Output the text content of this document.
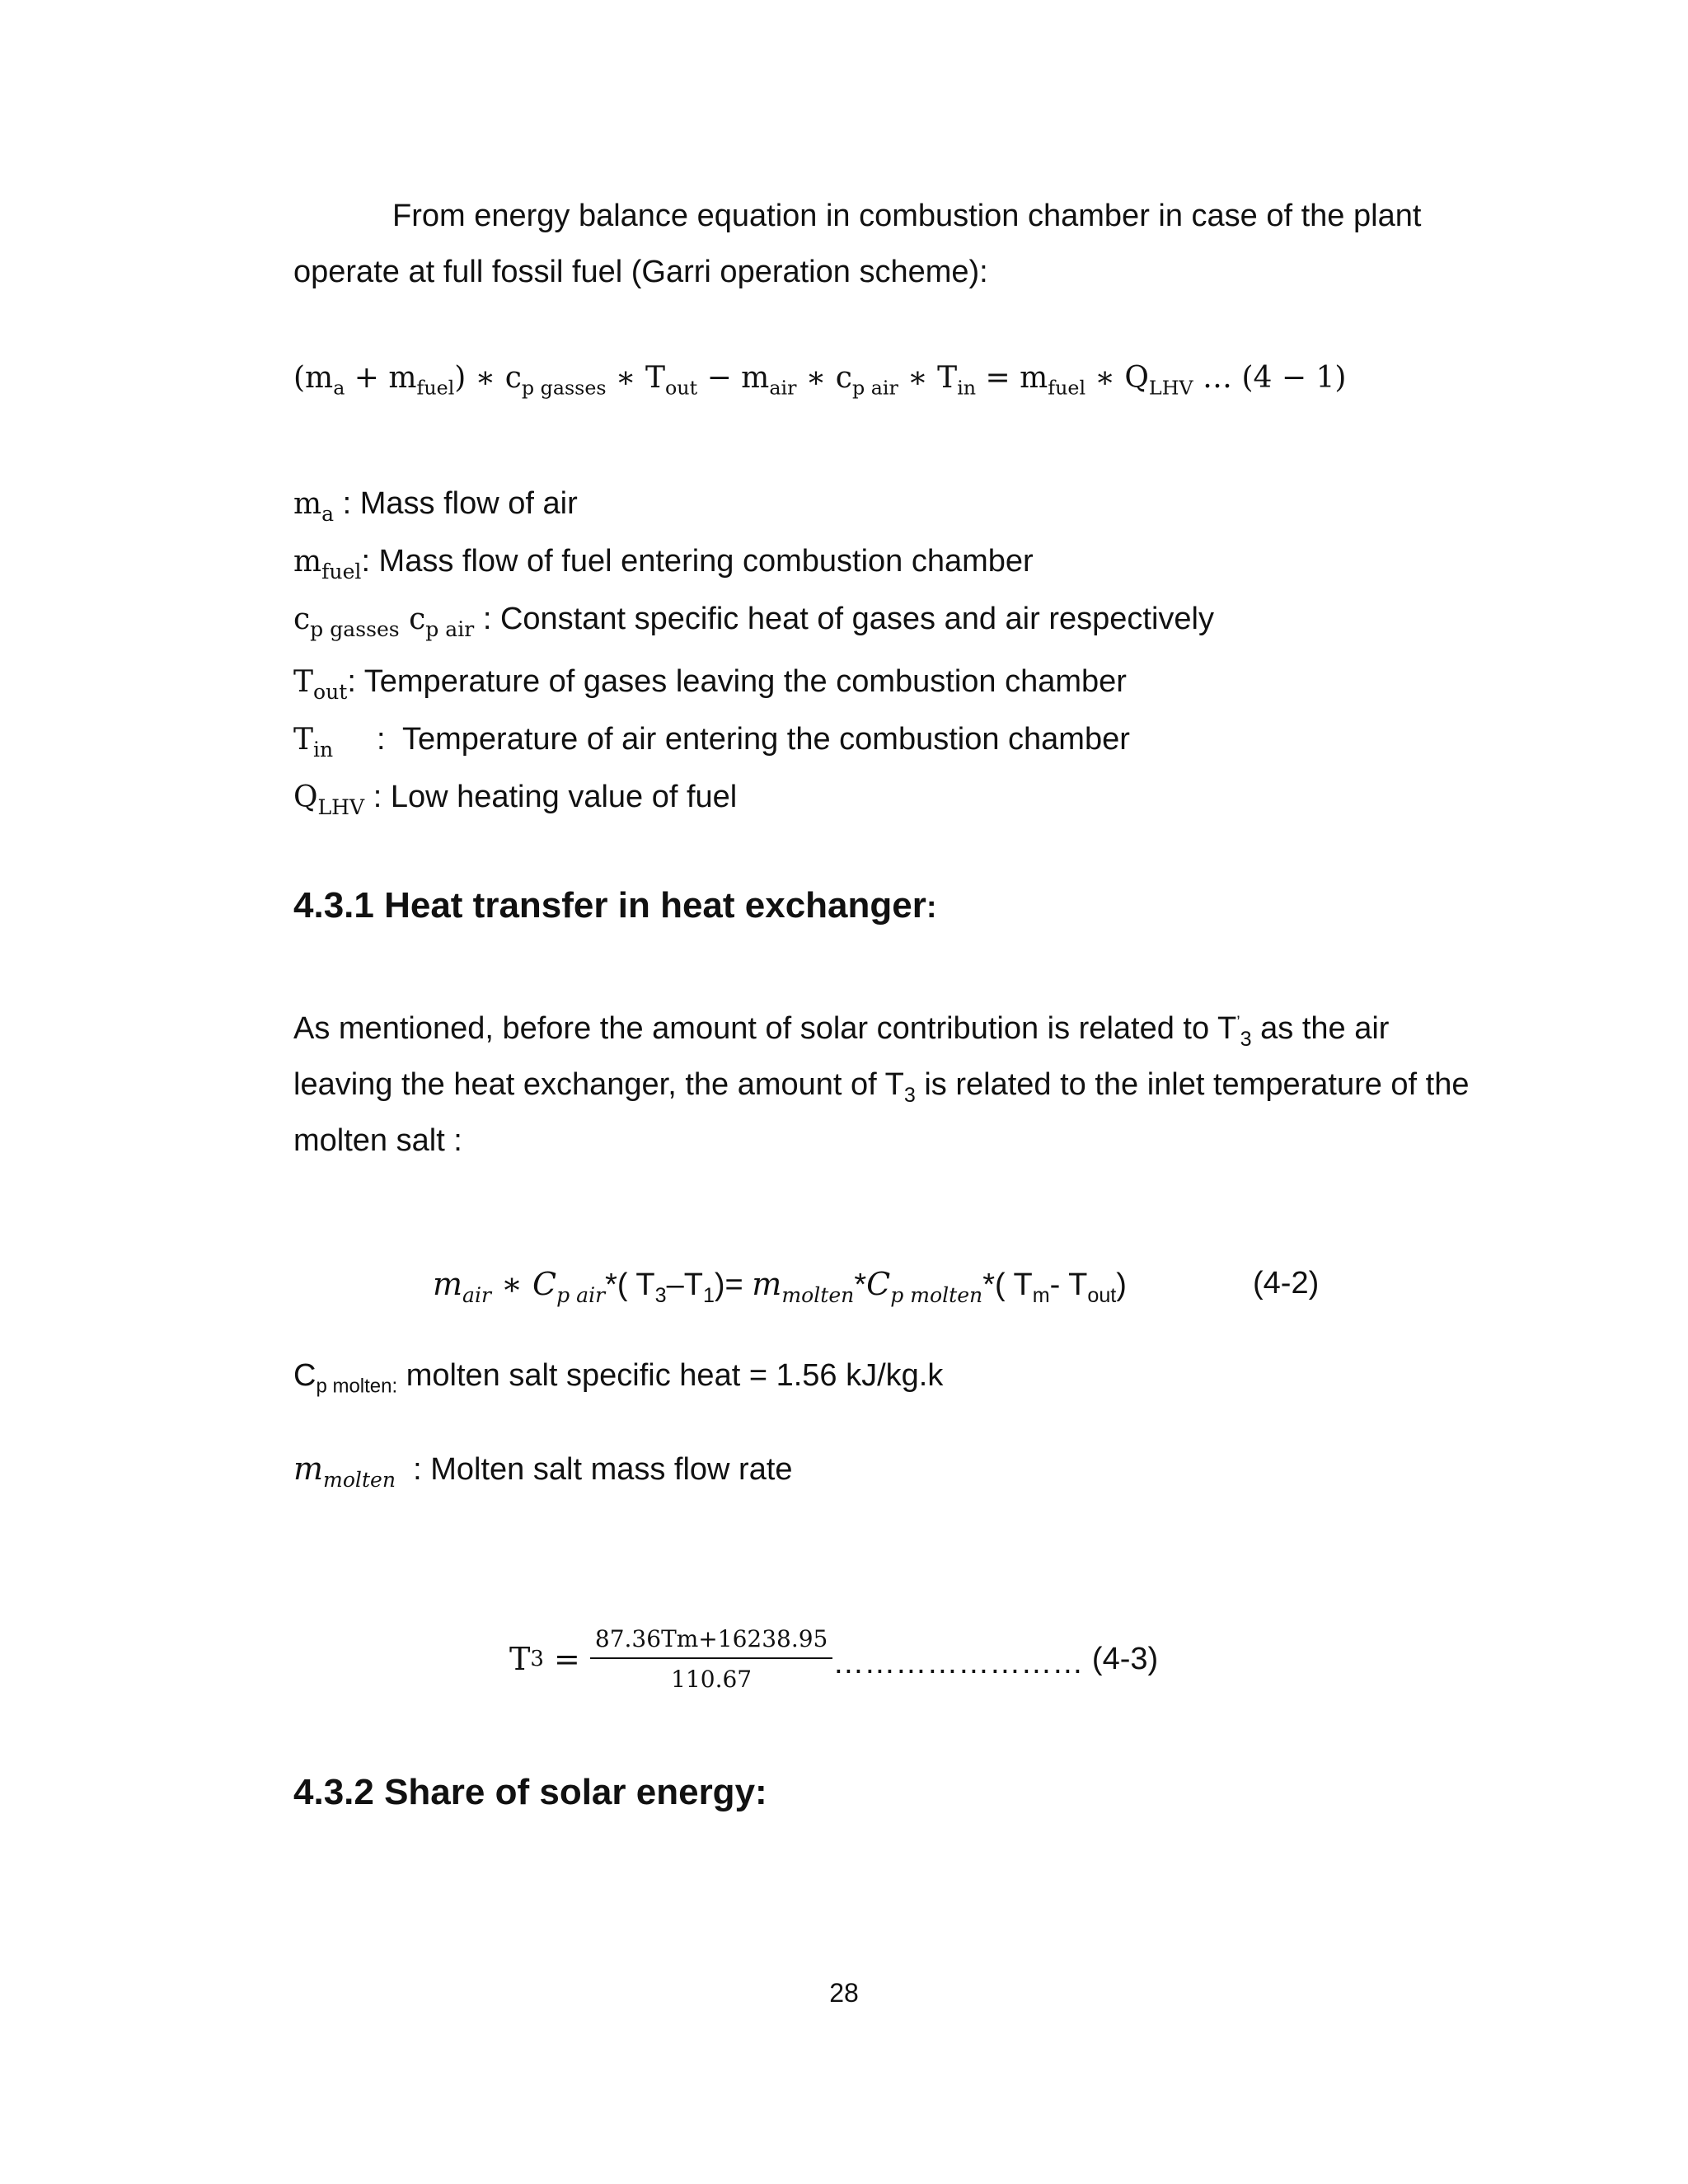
From energy balance equation in combustion chamber in case of the plant operate at full fossil fuel (Garri operation scheme):
$(m_a + m_{fuel})$ ∗ $c_{p gasses}$ ∗ $T_{out} - m_{air}$ ∗ $c_{p air}$ ∗ $T_{in} = m_{fuel}$ ∗ $Q_{LHV}$ … (4 − 1)
$m_a$ : Mass flow of air
$m_{fuel}$: Mass flow of fuel entering combustion chamber
$c_{p gasses}$ $c_{p air}$ : Constant specific heat of gases and air respectively
$T_{out}$: Temperature of gases leaving the combustion chamber
$T_{in}$     :  Temperature of air entering the combustion chamber
$Q_{LHV}$ : Low heating value of fuel
4.3.1 Heat transfer in heat exchanger:
As mentioned, before the amount of solar contribution is related to $T^’_3$ as the air leaving the heat exchanger, the amount of $T_3$ is related to the inlet temperature of the molten salt :
$m_{air}$ ∗ $C_{p air}*$( $T_3-T_1)= m_{molten}*C_{p molten}*$( $T_m-$ $T_{out}$)	(4-2)
$C_{p molten:}$ molten salt specific heat = 1.56 kJ/kg.k
$m_{molten}$  : Molten salt mass flow rate
T $3 = \frac{87.36Tm+16238.95}{110.67}$ …………………… (4-3)
4.3.2 Share of solar energy:
28
